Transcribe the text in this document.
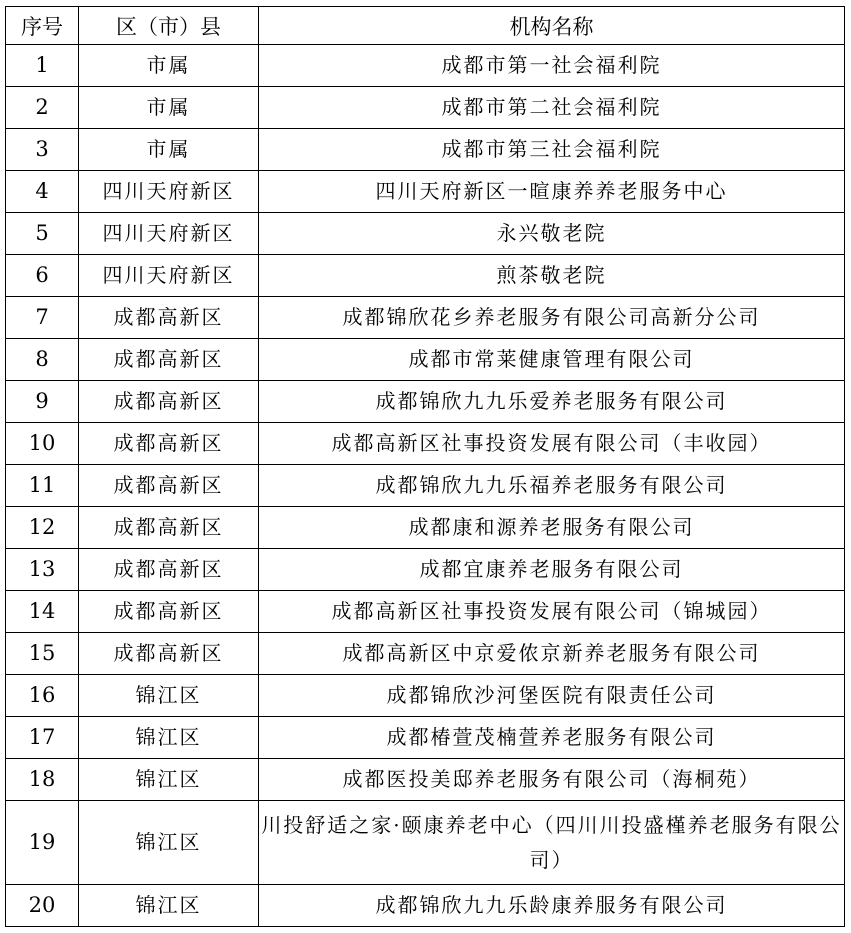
序号	区（市）县	机构名称
1	市属	成都市第一社会福利院
2	市属	成都市第二社会福利院
3	市属	成都市第三社会福利院
4	四川天府新区	四川天府新区一暄康养养老服务中心
5	四川天府新区	永兴敬老院
6	四川天府新区	煎茶敬老院
7	成都高新区	成都锦欣花乡养老服务有限公司高新分公司
8	成都高新区	成都市常莱健康管理有限公司
9	成都高新区	成都锦欣九九乐爱养老服务有限公司
10	成都高新区	成都高新区社事投资发展有限公司（丰收园）
11	成都高新区	成都锦欣九九乐福养老服务有限公司
12	成都高新区	成都康和源养老服务有限公司
13	成都高新区	成都宜康养老服务有限公司
14	成都高新区	成都高新区社事投资发展有限公司（锦城园）
15	成都高新区	成都高新区中京爱侬京新养老服务有限公司
16	锦江区	成都锦欣沙河堡医院有限责任公司
17	锦江区	成都椿萱茂楠萱养老服务有限公司
18	锦江区	成都医投美邸养老服务有限公司（海桐苑）
19	锦江区	川投舒适之家·颐康养老中心（四川川投盛槿养老服务有限公司）
20	锦江区	成都锦欣九九乐龄康养服务有限公司
